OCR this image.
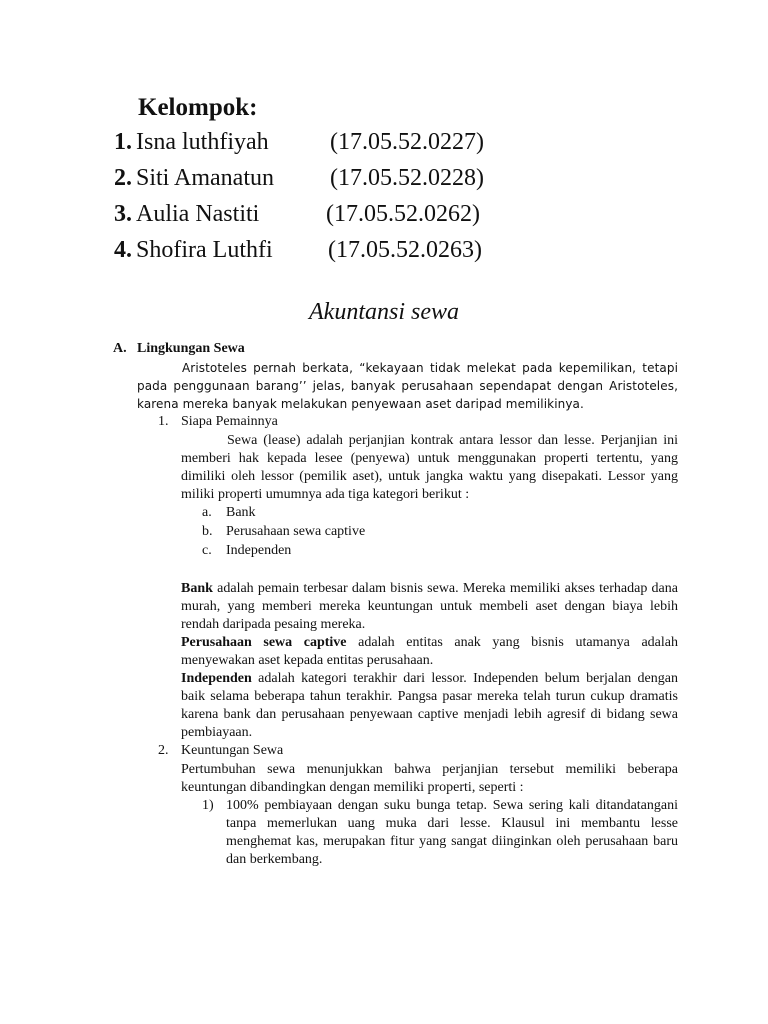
Kelompok:
1. Isna luthfiyah	(17.05.52.0227)
2. Siti Amanatun (17.05.52.0228)
3. Aulia Nastiti	(17.05.52.0262)
4. Shofira Luthfi (17.05.52.0263)
Akuntansi sewa
A. Lingkungan Sewa

Aristoteles pernah berkata, “kekayaan tidak melekat pada kepemilikan, tetapi pada penggunaan barang’’ jelas, banyak perusahaan sependapat dengan Aristoteles, karena mereka banyak melakukan penyewaan aset daripad memilikinya.

1. Siapa Pemainnya

Sewa (lease) adalah perjanjian kontrak antara lessor dan lesse. Perjanjian ini memberi hak kepada lesee (penyewa) untuk menggunakan properti tertentu, yang dimiliki oleh lessor (pemilik aset), untuk jangka waktu yang disepakati. Lessor yang miliki properti umumnya ada tiga kategori berikut :

a. Bank
b. Perusahaan sewa captive
c. Independen

Bank adalah pemain terbesar dalam bisnis sewa. Mereka memiliki akses terhadap dana murah, yang memberi mereka keuntungan untuk membeli aset dengan biaya lebih rendah daripada pesaing mereka.

Perusahaan sewa captive adalah entitas anak yang bisnis utamanya adalah menyewakan aset kepada entitas perusahaan.

Independen adalah kategori terakhir dari lessor. Independen belum berjalan dengan baik selama beberapa tahun terakhir. Pangsa pasar mereka telah turun cukup dramatis karena bank dan perusahaan penyewaan captive menjadi lebih agresif di bidang sewa pembiayaan.

2. Keuntungan Sewa

Pertumbuhan sewa menunjukkan bahwa perjanjian tersebut memiliki beberapa keuntungan dibandingkan dengan memiliki properti, seperti :

1) 100% pembiayaan dengan suku bunga tetap. Sewa sering kali ditandatangani tanpa memerlukan uang muka dari lesse. Klausul ini membantu lesse menghemat kas, merupakan fitur yang sangat diinginkan oleh perusahaan baru dan berkembang.
